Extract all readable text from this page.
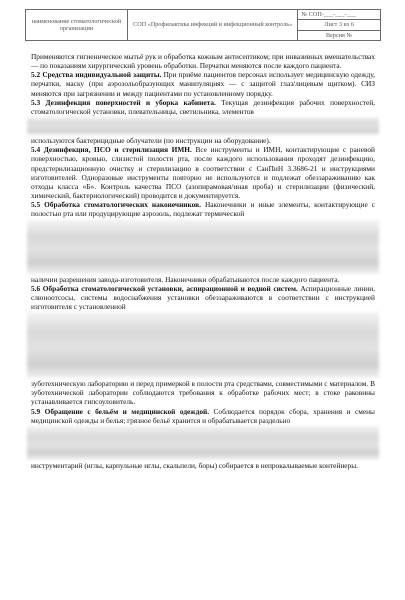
наименование стоматологической организации	СОП «Профилактика инфекций и инфекционный контроль»	№ СОП-___-___-___
Лист 3 из 6
Версия №

Применяются гигиеническое мытьё рук и обработка кожным антисептиком; при инвазивных вмешательствах — по показаниям хирургический уровень обработки. Перчатки меняются после каждого пациента.

5.2 Средства индивидуальной защиты. При приёме пациентов персонал использует медицинскую одежду, перчатки, маску (при аэрозольобразующих манипуляциях — с защитой глаз/лицевым щитком). СИЗ меняются при загрязнении и между пациентами по установленному порядку.

5.3 Дезинфекция поверхностей и уборка кабинета. Текущая дезинфекция рабочих поверхностей, стоматологической установки, плевательницы, светильника, элементов

используются бактерицидные облучатели (по инструкции на оборудование).

5.4 Дезинфекция, ПСО и стерилизация ИМН. Все инструменты и ИМН, контактирующие с раневой поверхностью, кровью, слизистой полости рта, после каждого использования проходят дезинфекцию, предстерилизационную очистку и стерилизацию в соответствии с СанПиН 3.3686-21 и инструкциями изготовителей. Одноразовые инструменты повторно не используются и подлежат обеззараживанию как отходы класса «Б». Контроль качества ПСО (азопирамовая/иная проба) и стерилизации (физический, химический, бактериологический) проводится и документируется.

5.5 Обработка стоматологических наконечников. Наконечники и иные элементы, контактирующие с полостью рта или продуцирующие аэрозоль, подлежат термической

наличии разрешения завода-изготовителя. Наконечники обрабатываются после каждого пациента.

5.6 Обработка стоматологической установки, аспирационной и водной систем. Аспирационные линии, слюноотсосы, системы водоснабжения установки обеззараживаются в соответствии с инструкцией изготовителя с установленной

зуботехническую лабораторию и перед примеркой в полости рта средствами, совместимыми с материалом. В зуботехнической лаборатории соблюдаются требования к обработке рабочих мест; в стоке раковины устанавливается гипсоуловитель.

5.9 Обращение с бельём и медицинской одеждой. Соблюдается порядок сбора, хранения и смены медицинской одежды и белья; грязное бельё хранится и обрабатывается раздельно

инструментарий (иглы, карпульные иглы, скальпели, боры) собирается в непрокалываемые контейнеры.
